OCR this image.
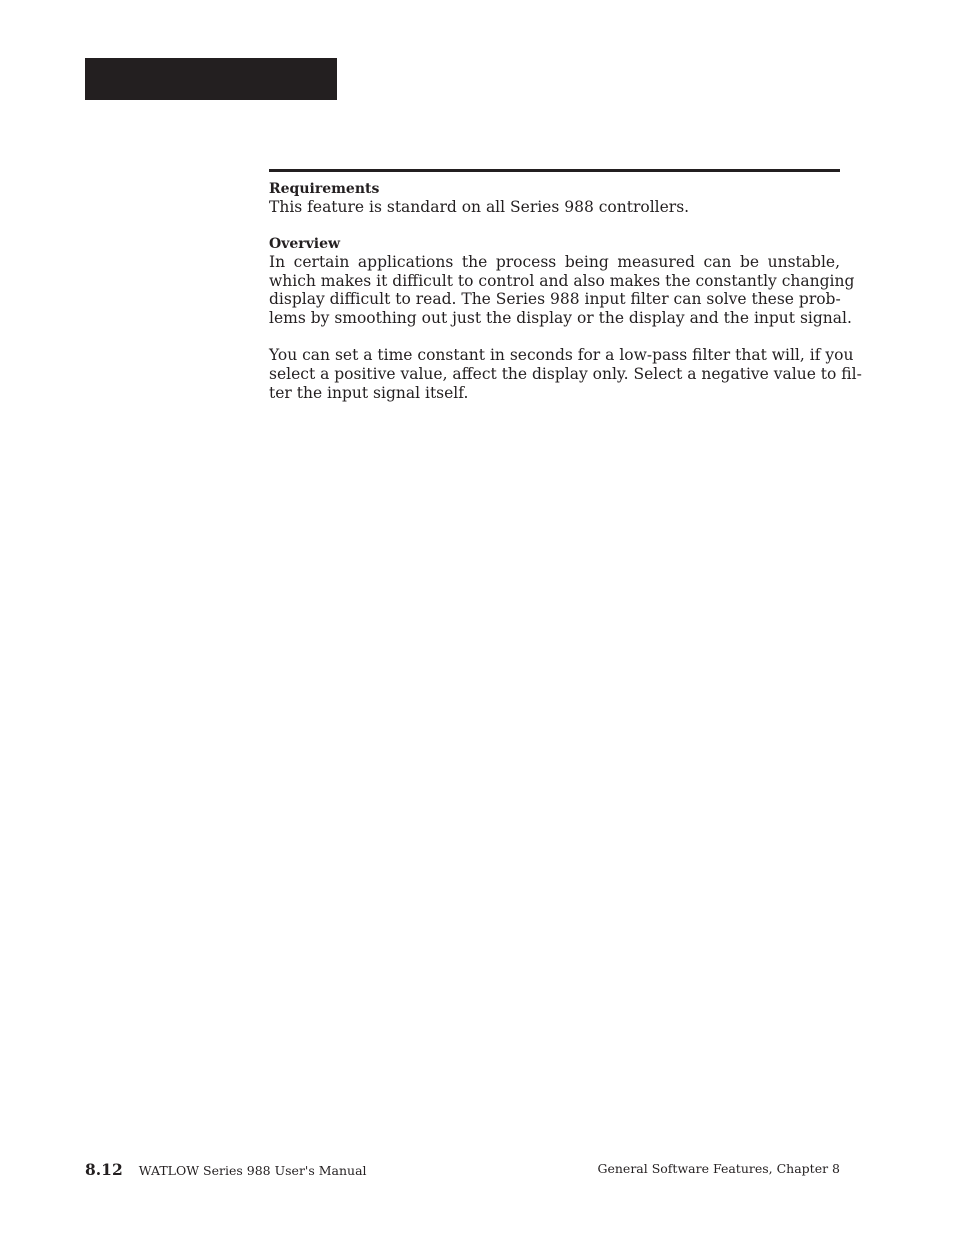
Requirements

This feature is standard on all Series 988 controllers.

Overview

In certain applications the process being measured can be unstable,
which makes it difficult to control and also makes the constantly changing
display difficult to read. The Series 988 input filter can solve these prob-
lems by smoothing out just the display or the display and the input signal.

You can set a time constant in seconds for a low-pass filter that will, if you
select a positive value, affect the display only. Select a negative value to fil-
ter the input signal itself.

8.12 WATLOW Series 988 User's Manual	General Software Features, Chapter 8
